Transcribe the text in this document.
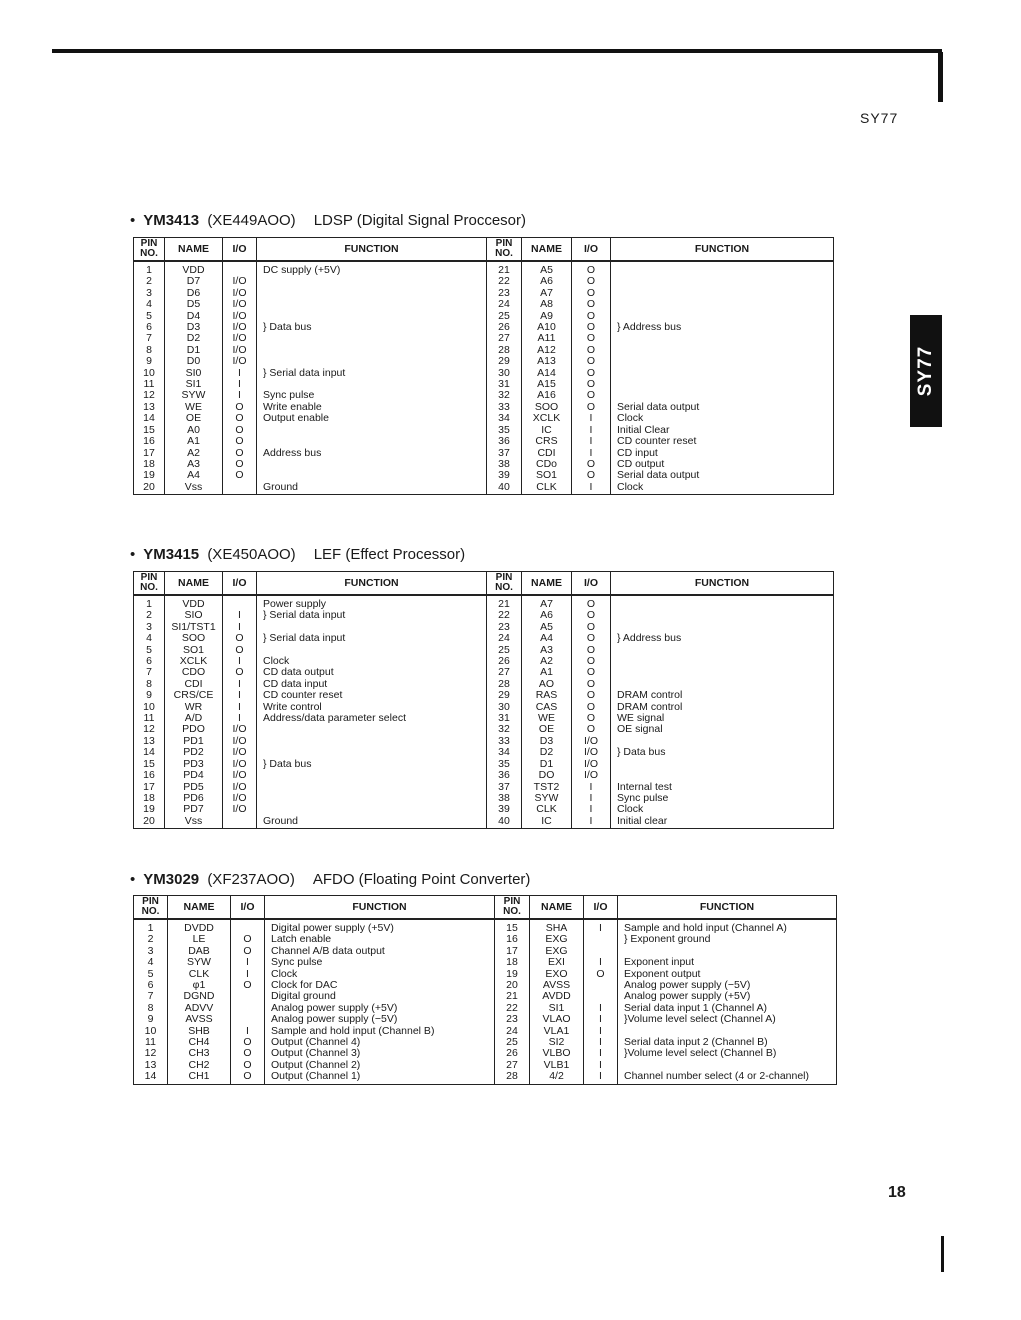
SY77
SY77
18
• YM3413 (XE449AOO) LDSP (Digital Signal Proccesor)
PIN NO.	NAME	I/O	FUNCTION	PIN NO.	NAME	I/O	FUNCTION
1	VDD		DC supply (+5V)	21	A5	O	
2	D7	I/O		22	A6	O	
3	D6	I/O		23	A7	O	
4	D5	I/O		24	A8	O	
5	D4	I/O		25	A9	O	
6	D3	I/O	} Data bus	26	A10	O	} Address bus
7	D2	I/O		27	A11	O	
8	D1	I/O		28	A12	O	
9	D0	I/O		29	A13	O	
10	SI0	I	} Serial data input	30	A14	O	
11	SI1	I		31	A15	O	
12	SYW	I	Sync pulse	32	A16	O	
13	WE	O	Write enable	33	SOO	O	Serial data output
14	OE	O	Output enable	34	XCLK	I	Clock
15	A0	O		35	IC	I	Initial Clear
16	A1	O		36	CRS	I	CD counter reset
17	A2	O	Address bus	37	CDI	I	CD input
18	A3	O		38	CDo	O	CD output
19	A4	O		39	SO1	O	Serial data output
20	Vss		Ground	40	CLK	I	Clock
• YM3415 (XE450AOO) LEF (Effect Processor)
PIN NO.	NAME	I/O	FUNCTION	PIN NO.	NAME	I/O	FUNCTION
1	VDD		Power supply	21	A7	O	
2	SIO	I	} Serial data input	22	A6	O	
3	SI1/TST1	I		23	A5	O	
4	SOO	O	} Serial data input	24	A4	O	} Address bus
5	SO1	O		25	A3	O	
6	XCLK	I	Clock	26	A2	O	
7	CDO	O	CD data output	27	A1	O	
8	CDI	I	CD data input	28	AO	O	
9	CRS/CE	I	CD counter reset	29	RAS	O	DRAM control
10	WR	I	Write control	30	CAS	O	DRAM control
11	A/D	I	Address/data parameter select	31	WE	O	WE signal
12	PDO	I/O		32	OE	O	OE signal
13	PD1	I/O		33	D3	I/O	
14	PD2	I/O		34	D2	I/O	} Data bus
15	PD3	I/O	} Data bus	35	D1	I/O	
16	PD4	I/O		36	DO	I/O	
17	PD5	I/O		37	TST2	I	Internal test
18	PD6	I/O		38	SYW	I	Sync pulse
19	PD7	I/O		39	CLK	I	Clock
20	Vss		Ground	40	IC	I	Initial clear
• YM3029 (XF237AOO) AFDO (Floating Point Converter)
PIN NO.	NAME	I/O	FUNCTION	PIN NO.	NAME	I/O	FUNCTION
1	DVDD		Digital power supply (+5V)	15	SHA	I	Sample and hold input (Channel A)
2	LE	O	Latch enable	16	EXG		} Exponent ground
3	DAB	O	Channel A/B data output	17	EXG		
4	SYW	I	Sync pulse	18	EXI	I	Exponent input
5	CLK	I	Clock	19	EXO	O	Exponent output
6	φ1	O	Clock for DAC	20	AVSS		Analog power supply (−5V)
7	DGND		Digital ground	21	AVDD		Analog power supply (+5V)
8	ADVV		Analog power supply (+5V)	22	SI1	I	Serial data input 1 (Channel A)
9	AVSS		Analog power supply (−5V)	23	VLAO	I	}Volume level select (Channel A)
10	SHB	I	Sample and hold input (Channel B)	24	VLA1	I	
11	CH4	O	Output (Channel 4)	25	SI2	I	Serial data input 2 (Channel B)
12	CH3	O	Output (Channel 3)	26	VLBO	I	}Volume level select (Channel B)
13	CH2	O	Output (Channel 2)	27	VLB1	I	
14	CH1	O	Output (Channel 1)	28	4/2	I	Channel number select (4 or 2-channel)
